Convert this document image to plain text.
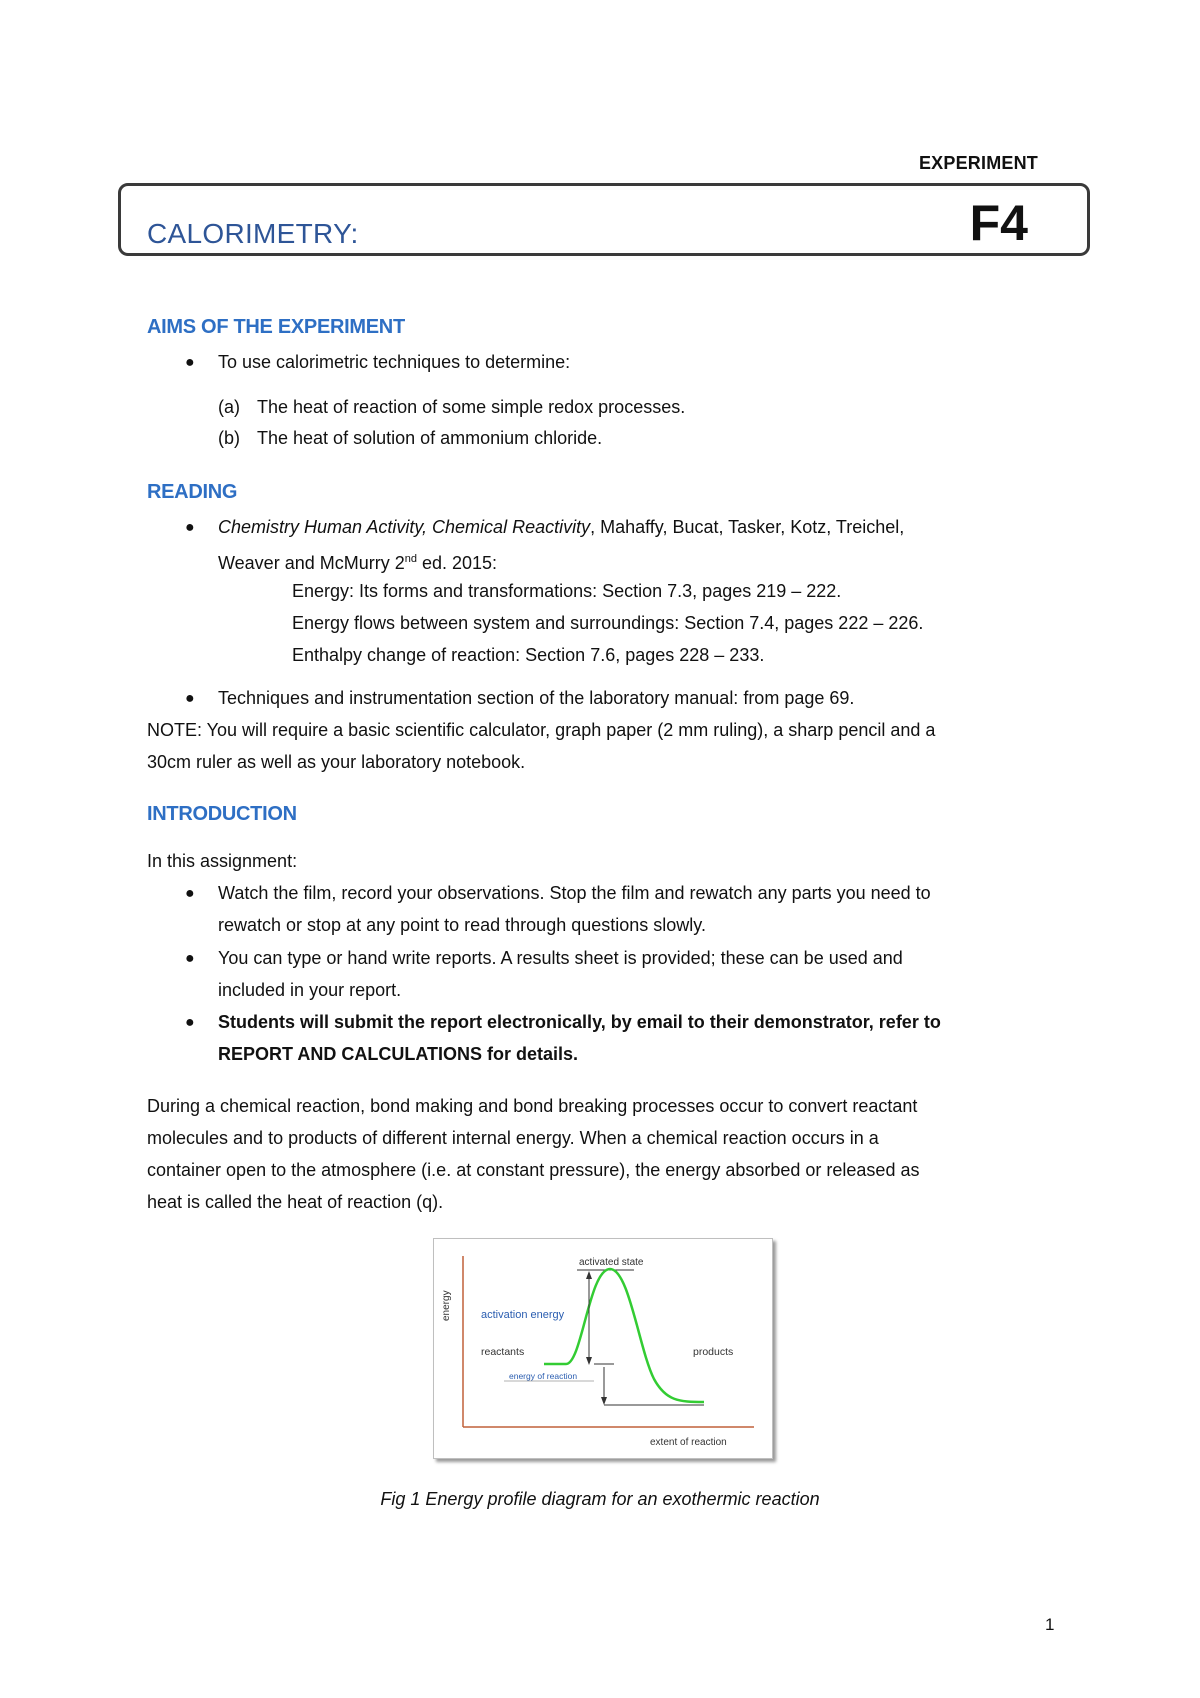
EXPERIMENT
CALORIMETRY:	F4
AIMS OF THE EXPERIMENT
● To use calorimetric techniques to determine:
(a) The heat of reaction of some simple redox processes.
(b) The heat of solution of ammonium chloride.
READING
● Chemistry Human Activity, Chemical Reactivity, Mahaffy, Bucat, Tasker, Kotz, Treichel,
Weaver and McMurry 2nd ed. 2015:
Energy: Its forms and transformations: Section 7.3, pages 219 – 222.
Energy flows between system and surroundings: Section 7.4, pages 222 – 226.
Enthalpy change of reaction: Section 7.6, pages 228 – 233.
● Techniques and instrumentation section of the laboratory manual: from page 69.
NOTE: You will require a basic scientific calculator, graph paper (2 mm ruling), a sharp pencil and a
30cm ruler as well as your laboratory notebook.
INTRODUCTION
In this assignment:
● Watch the film, record your observations. Stop the film and rewatch any parts you need to
rewatch or stop at any point to read through questions slowly.
● You can type or hand write reports. A results sheet is provided; these can be used and
included in your report.
● Students will submit the report electronically, by email to their demonstrator, refer to
REPORT AND CALCULATIONS for details.
During a chemical reaction, bond making and bond breaking processes occur to convert reactant
molecules and to products of different internal energy. When a chemical reaction occurs in a
container open to the atmosphere (i.e. at constant pressure), the energy absorbed or released as
heat is called the heat of reaction (q).
energy
activated state
activation energy
reactants	products
energy of reaction
extent of reaction
Fig 1 Energy profile diagram for an exothermic reaction
1
